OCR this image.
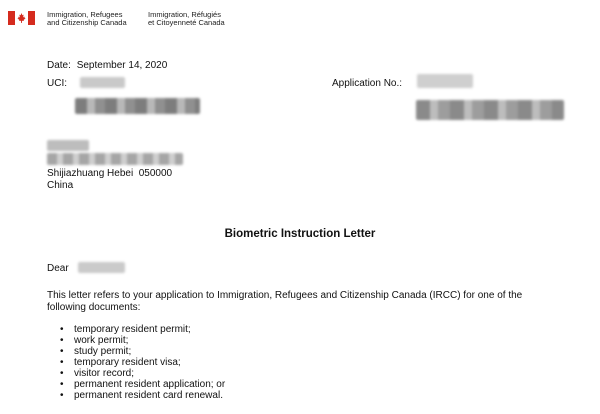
Immigration, Refugees
and Citizenship Canada
Immigration, Réfugiés
et Citoyenneté Canada
Date: September 14, 2020
UCI:	Application No.:
Shijiazhuang Hebei  050000
China
Biometric Instruction Letter
Dear
This letter refers to your application to Immigration, Refugees and Citizenship Canada (IRCC) for one of the following documents:
• temporary resident permit;
• work permit;
• study permit;
• temporary resident visa;
• visitor record;
• permanent resident application; or
• permanent resident card renewal.
